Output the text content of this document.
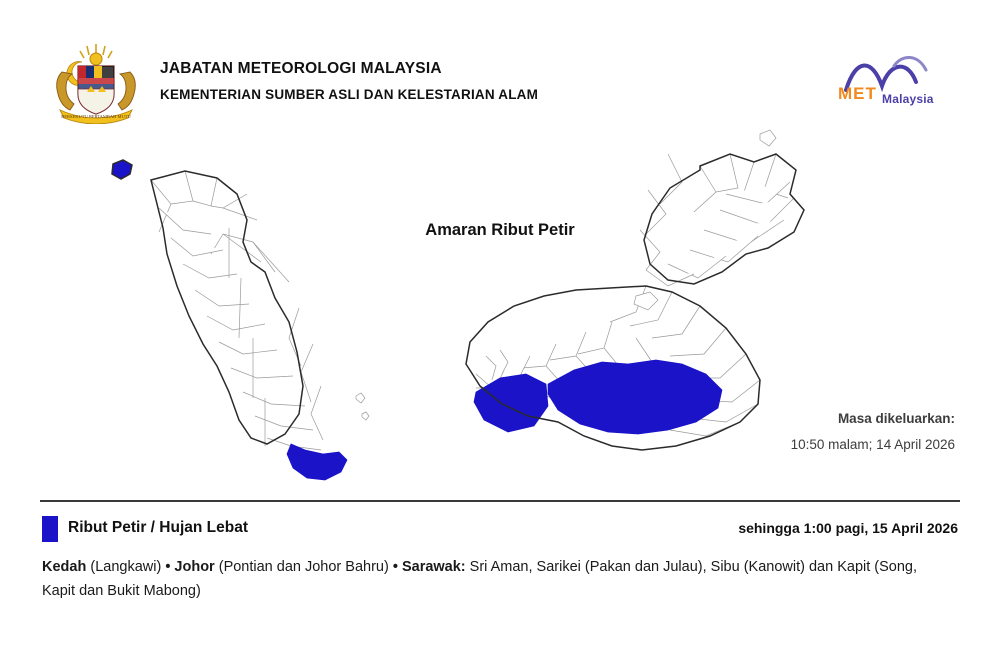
BERSEKUTU BERTAMBAH MUTU
JABATAN METEOROLOGI MALAYSIA
KEMENTERIAN SUMBER ASLI DAN KELESTARIAN ALAM	MET Malaysia
Amaran Ribut Petir
Masa dikeluarkan:
10:50 malam; 14 April 2026
Ribut Petir / Hujan Lebat	sehingga 1:00 pagi, 15 April 2026
Kedah (Langkawi) • Johor (Pontian dan Johor Bahru) • Sarawak: Sri Aman, Sarikei (Pakan dan Julau), Sibu (Kanowit) dan Kapit (Song, Kapit dan Bukit Mabong)
